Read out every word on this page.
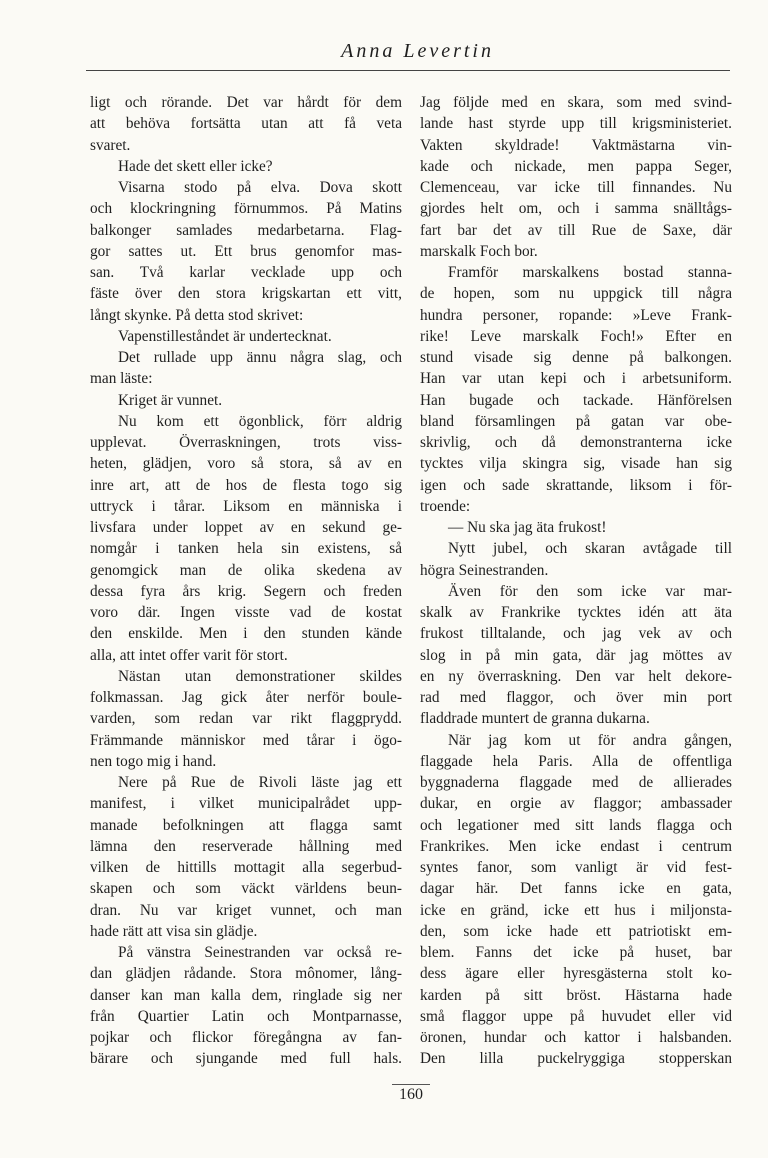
Anna Levertin
ligt och rörande. Det var hårdt för dem
att behöva fortsätta utan att få veta
svaret.
Hade det skett eller icke?
Visarna stodo på elva. Dova skott
och klockringning förnummos. På Matins
balkonger samlades medarbetarna. Flag-
gor sattes ut. Ett brus genomfor mas-
san. Två karlar vecklade upp och
fäste över den stora krigskartan ett vitt,
långt skynke. På detta stod skrivet:
Vapenstilleståndet är undertecknat.
Det rullade upp ännu några slag, och
man läste:
Kriget är vunnet.
Nu kom ett ögonblick, förr aldrig
upplevat. Överraskningen, trots viss-
heten, glädjen, voro så stora, så av en
inre art, att de hos de flesta togo sig
uttryck i tårar. Liksom en människa i
livsfara under loppet av en sekund ge-
nomgår i tanken hela sin existens, så
genomgick man de olika skedena av
dessa fyra års krig. Segern och freden
voro där. Ingen visste vad de kostat
den enskilde. Men i den stunden kände
alla, att intet offer varit för stort.
Nästan utan demonstrationer skildes
folkmassan. Jag gick åter nerför boule-
varden, som redan var rikt flaggprydd.
Främmande människor med tårar i ögo-
nen togo mig i hand.
Nere på Rue de Rivoli läste jag ett
manifest, i vilket municipalrådet upp-
manade befolkningen att flagga samt
lämna den reserverade hållning med
vilken de hittills mottagit alla segerbud-
skapen och som väckt världens beun-
dran. Nu var kriget vunnet, och man
hade rätt att visa sin glädje.
På vänstra Seinestranden var också re-
dan glädjen rådande. Stora mônomer, lång-
danser kan man kalla dem, ringlade sig ner
från Quartier Latin och Montparnasse,
pojkar och flickor föregångna av fan-
bärare och sjungande med full hals.
Jag följde med en skara, som med svind-
lande hast styrde upp till krigsministeriet.
Vakten skyldrade! Vaktmästarna vin-
kade och nickade, men pappa Seger,
Clemenceau, var icke till finnandes. Nu
gjordes helt om, och i samma snälltågs-
fart bar det av till Rue de Saxe, där
marskalk Foch bor.
Framför marskalkens bostad stanna-
de hopen, som nu uppgick till några
hundra personer, ropande: »Leve Frank-
rike! Leve marskalk Foch!» Efter en
stund visade sig denne på balkongen.
Han var utan kepi och i arbetsuniform.
Han bugade och tackade. Hänförelsen
bland församlingen på gatan var obe-
skrivlig, och då demonstranterna icke
tycktes vilja skingra sig, visade han sig
igen och sade skrattande, liksom i för-
troende:
— Nu ska jag äta frukost!
Nytt jubel, och skaran avtågade till
högra Seinestranden.
Även för den som icke var mar-
skalk av Frankrike tycktes idén att äta
frukost tilltalande, och jag vek av och
slog in på min gata, där jag möttes av
en ny överraskning. Den var helt dekore-
rad med flaggor, och över min port
fladdrade muntert de granna dukarna.
När jag kom ut för andra gången,
flaggade hela Paris. Alla de offentliga
byggnaderna flaggade med de allierades
dukar, en orgie av flaggor; ambassader
och legationer med sitt lands flagga och
Frankrikes. Men icke endast i centrum
syntes fanor, som vanligt är vid fest-
dagar här. Det fanns icke en gata,
icke en gränd, icke ett hus i miljonsta-
den, som icke hade ett patriotiskt em-
blem. Fanns det icke på huset, bar
dess ägare eller hyresgästerna stolt ko-
karden på sitt bröst. Hästarna hade
små flaggor uppe på huvudet eller vid
öronen, hundar och kattor i halsbanden.
Den lilla puckelryggiga stopperskan
160
